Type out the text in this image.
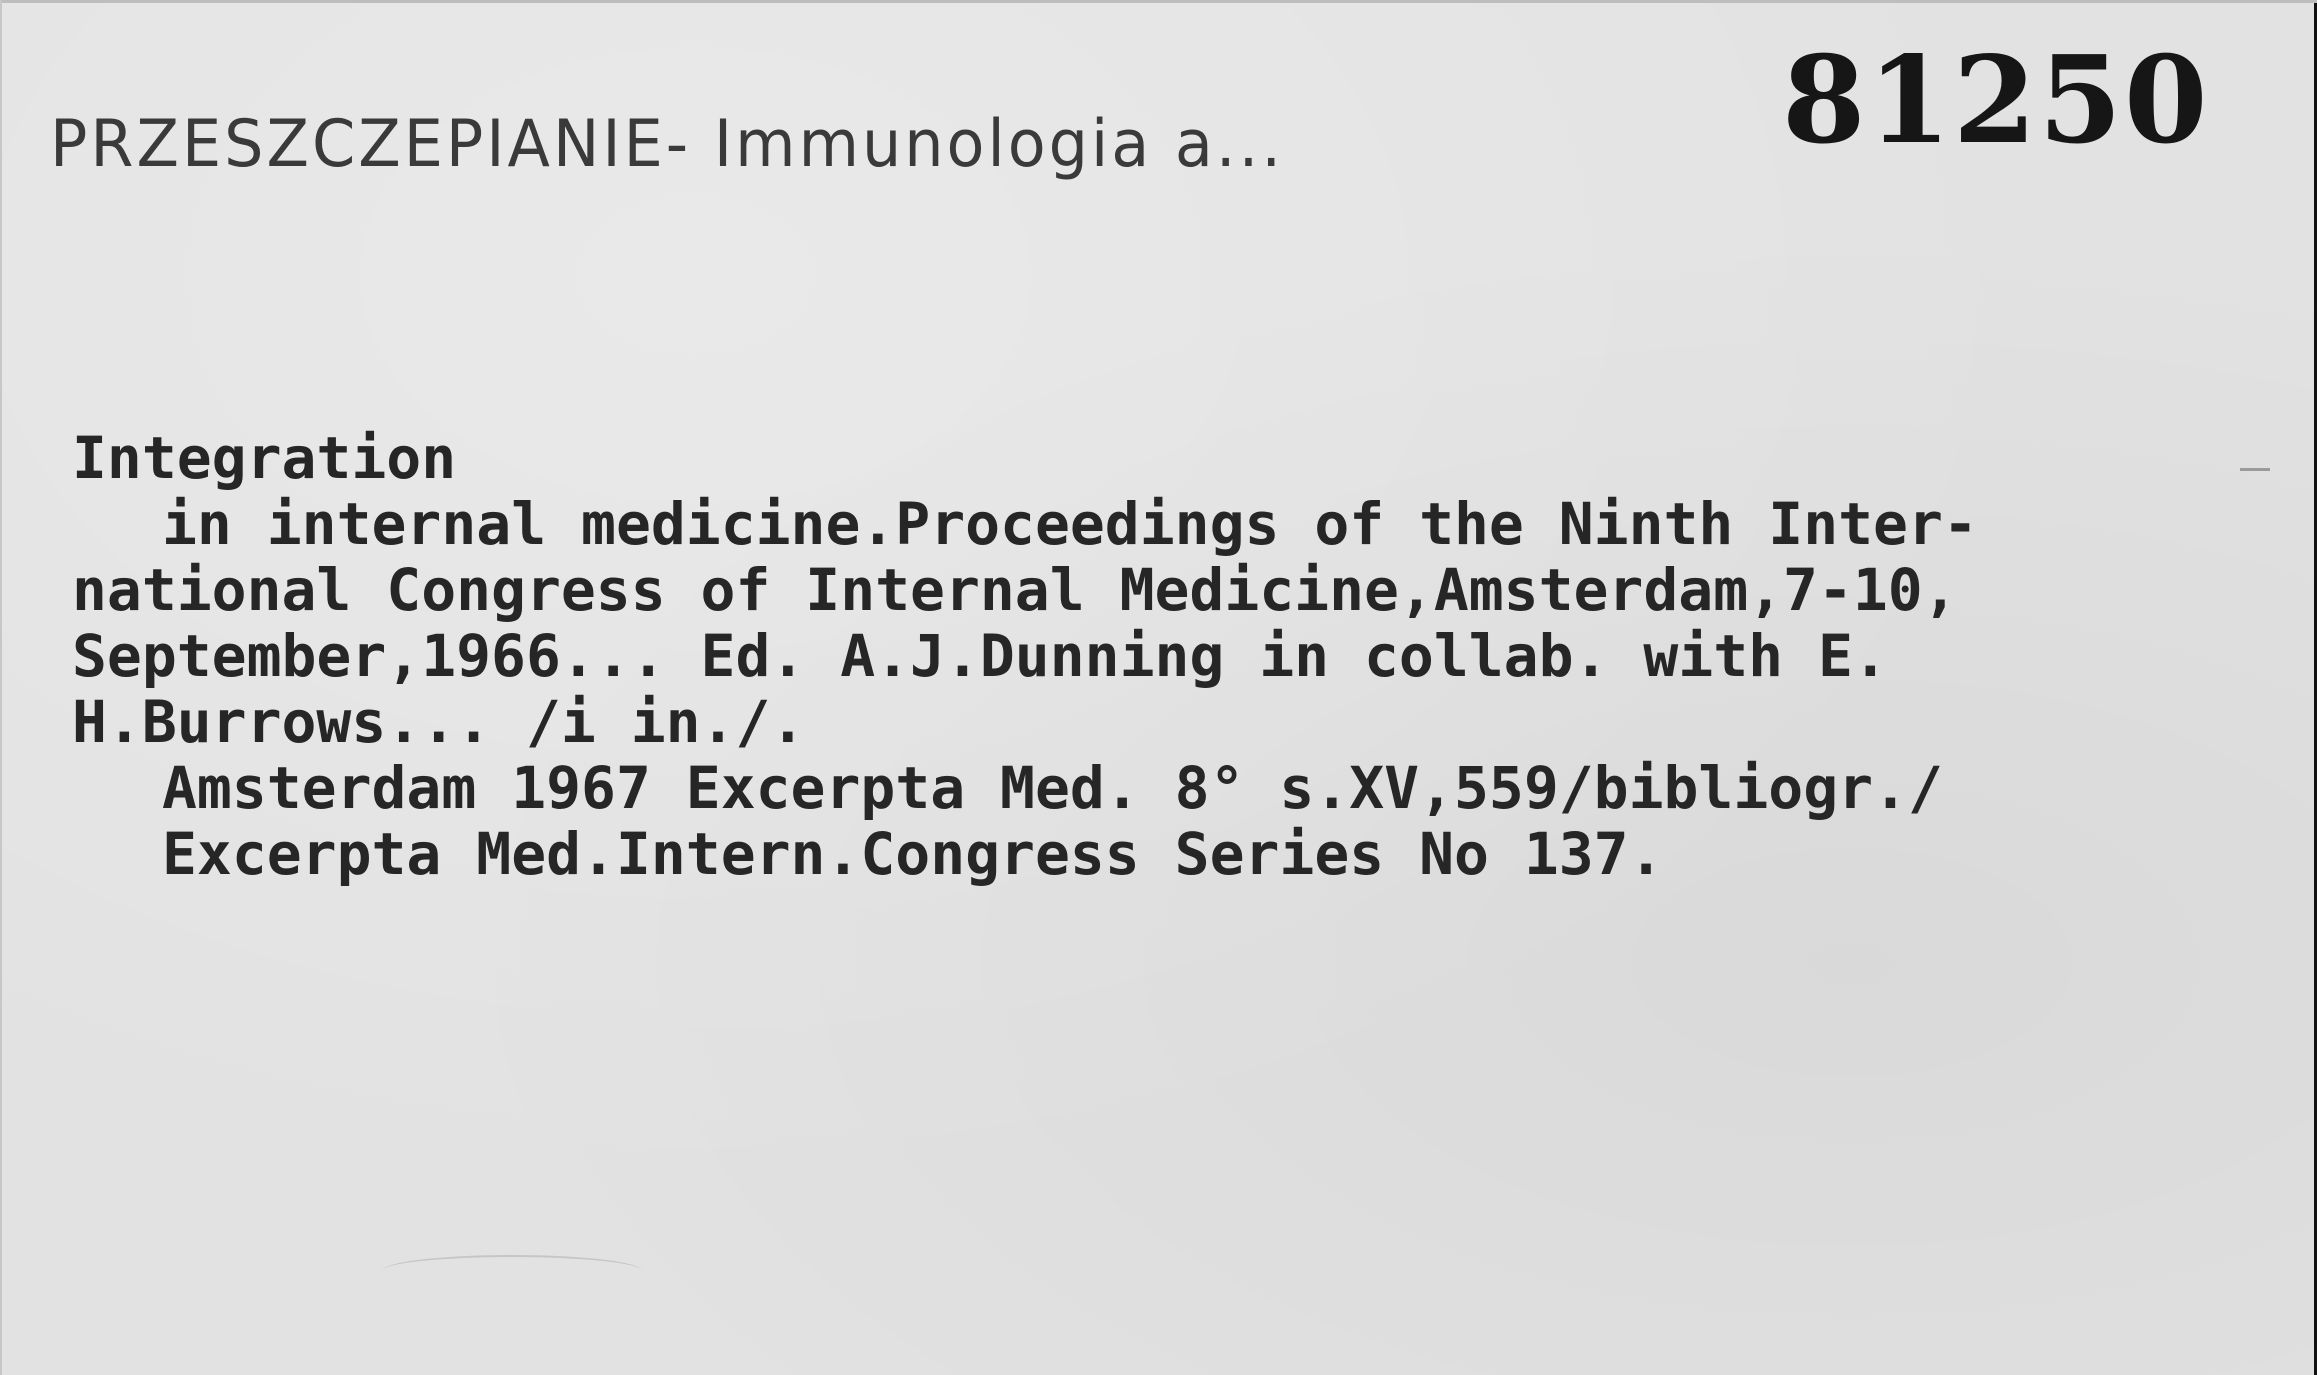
PRZESZCZEPIANIE- Immunologia a...	81250
Integration
in internal medicine.Proceedings of the Ninth Inter-
national Congress of Internal Medicine,Amsterdam,7-10,
September,1966... Ed. A.J.Dunning in collab. with E.
H.Burrows... /i in./.
Amsterdam 1967 Excerpta Med. 8° s.XV,559/bibliogr./
Excerpta Med.Intern.Congress Series No 137.
